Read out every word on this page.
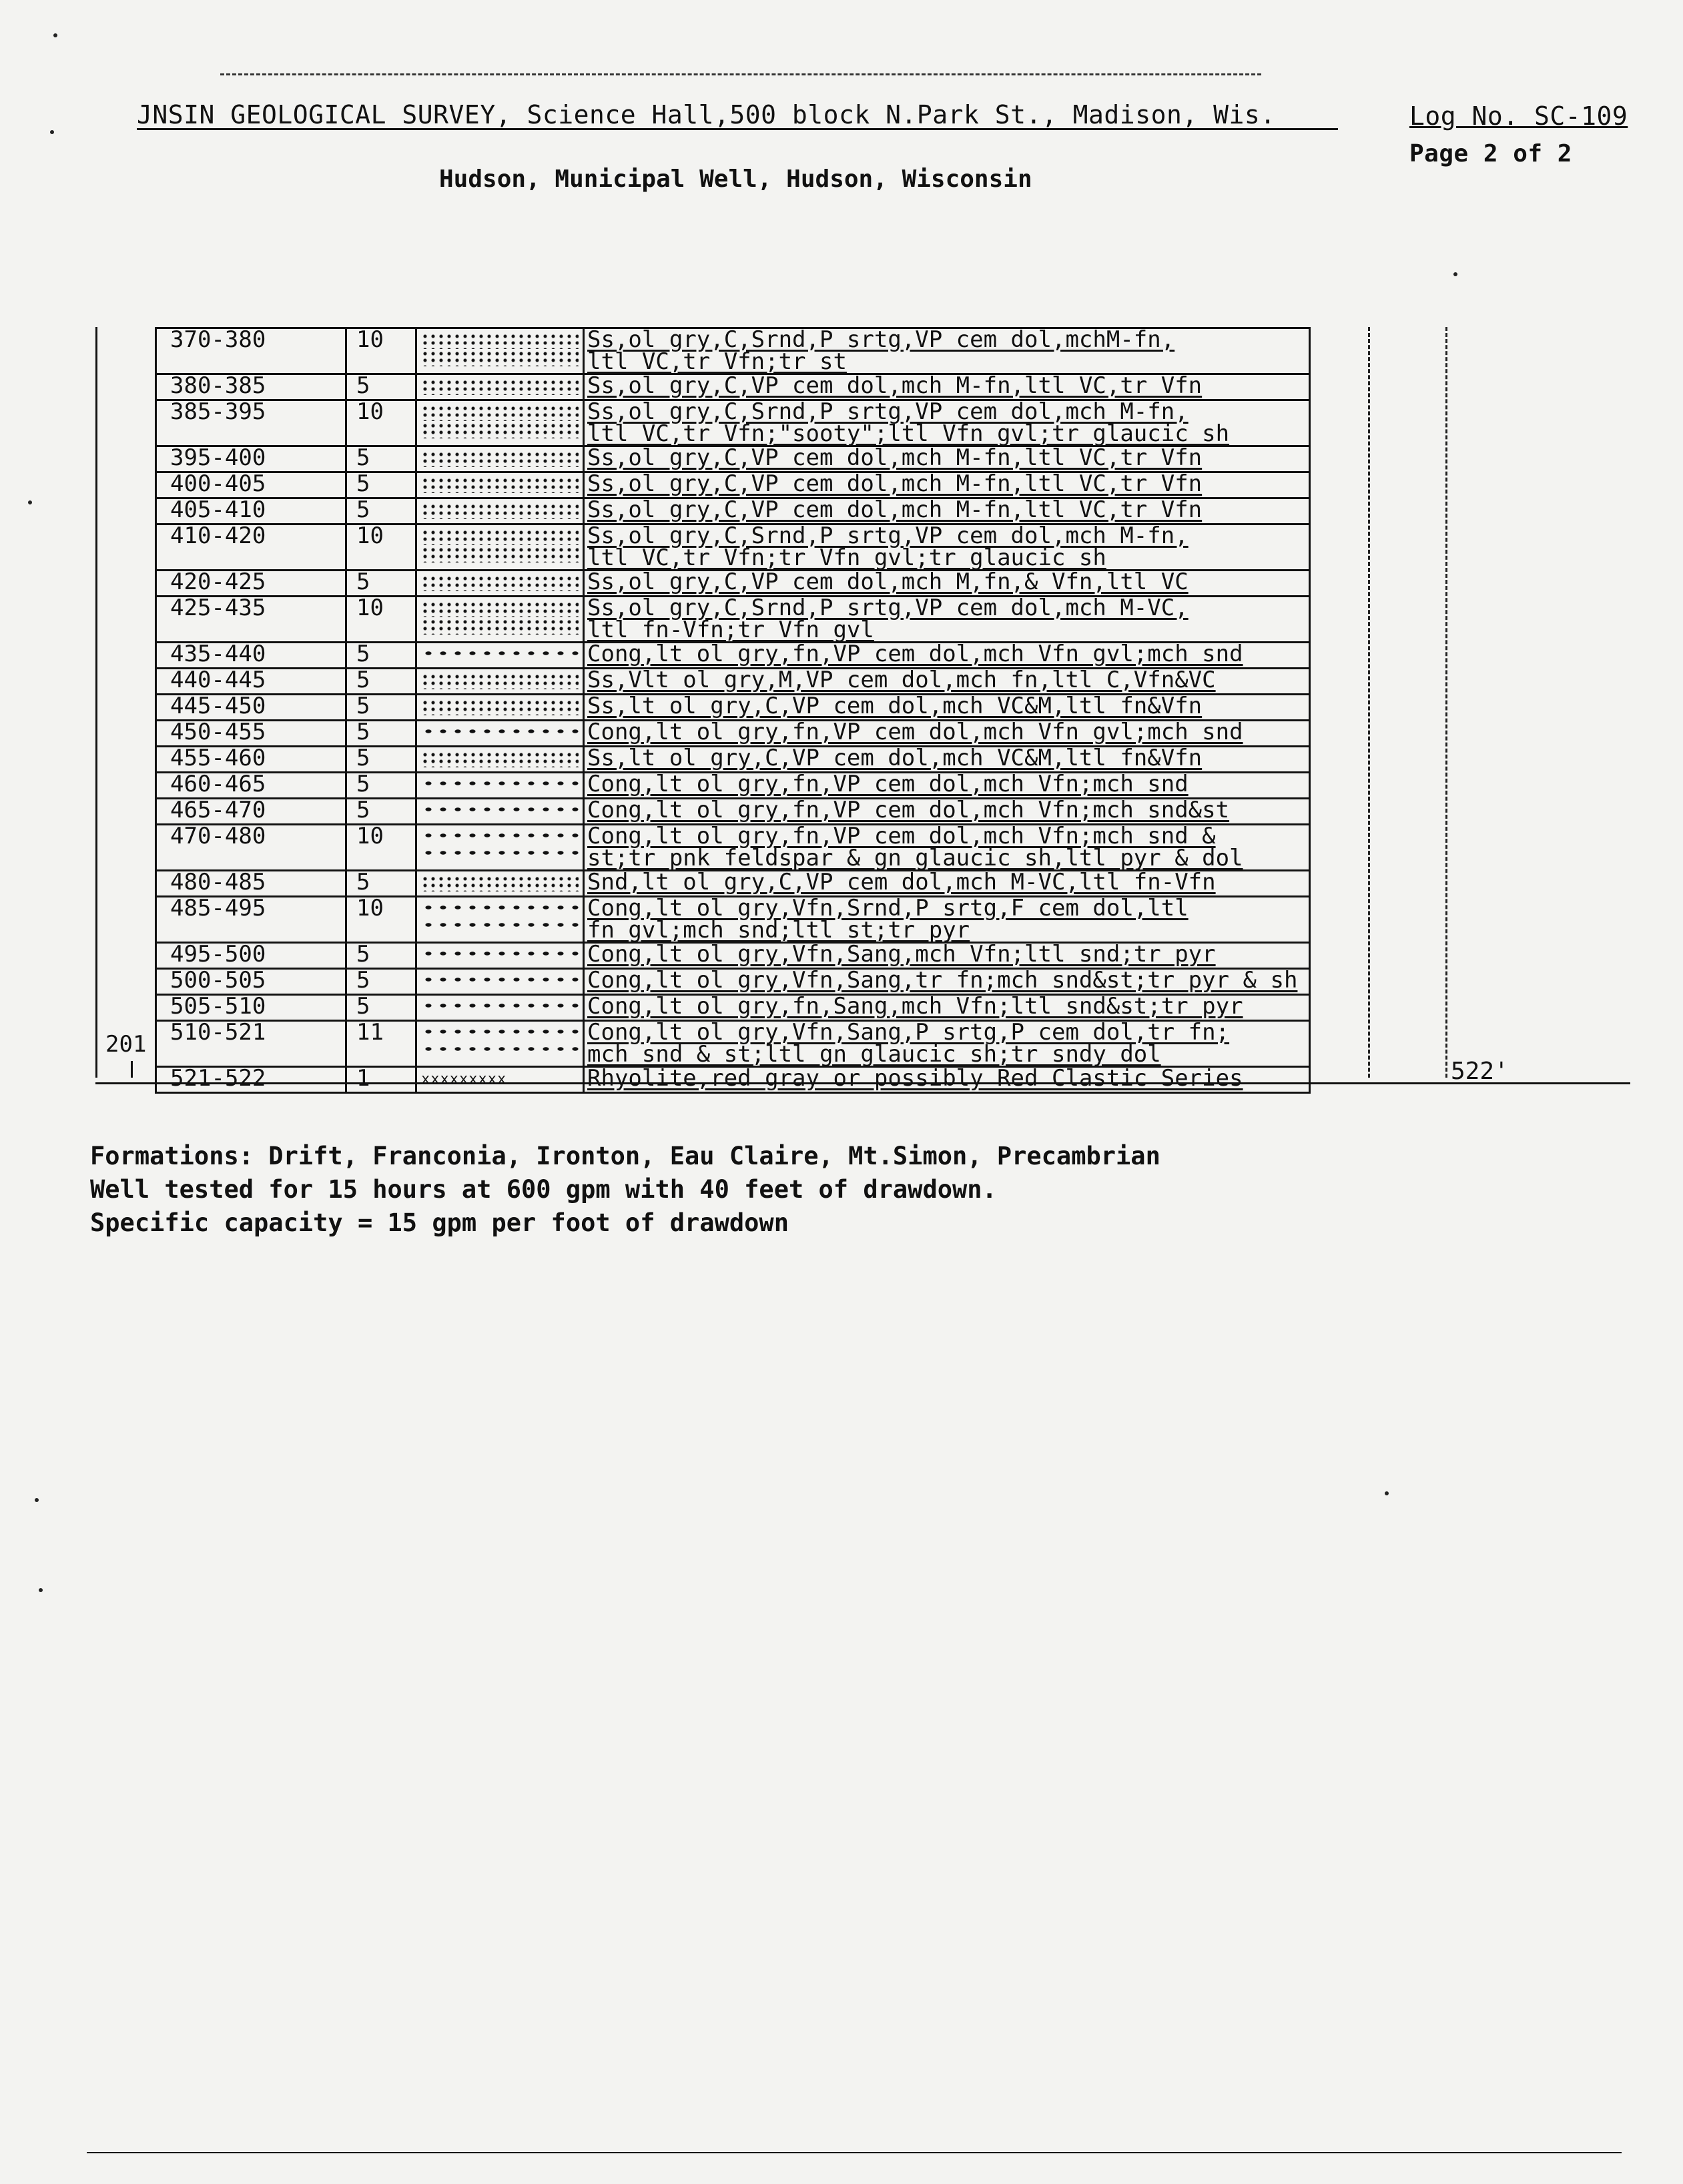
JNSIN GEOLOGICAL SURVEY, Science Hall,500 block N.Park St., Madison, Wis.	Log No. SC-109
Page 2 of 2
Hudson, Municipal Well, Hudson, Wisconsin
370-380	10		Ss,ol gry,C,Srnd,P srtg,VP cem dol,mchM-fn,
ltl VC,tr Vfn;tr st

380-385	5		Ss,ol gry,C,VP cem dol,mch M-fn,ltl VC,tr Vfn

385-395	10		Ss,ol gry,C,Srnd,P srtg,VP cem dol,mch M-fn,
ltl VC,tr Vfn;"sooty";ltl Vfn gvl;tr glaucic sh

395-400	5		Ss,ol gry,C,VP cem dol,mch M-fn,ltl VC,tr Vfn

400-405	5		Ss,ol gry,C,VP cem dol,mch M-fn,ltl VC,tr Vfn

405-410	5		Ss,ol gry,C,VP cem dol,mch M-fn,ltl VC,tr Vfn

410-420	10		Ss,ol gry,C,Srnd,P srtg,VP cem dol,mch M-fn,
ltl VC,tr Vfn;tr Vfn gvl;tr glaucic sh

420-425	5		Ss,ol gry,C,VP cem dol,mch M,fn,& Vfn,ltl VC

425-435	10		Ss,ol gry,C,Srnd,P srtg,VP cem dol,mch M-VC,
ltl fn-Vfn;tr Vfn gvl

435-440	5		Cong,lt ol gry,fn,VP cem dol,mch Vfn gvl;mch snd

440-445	5		Ss,Vlt ol gry,M,VP cem dol,mch fn,ltl C,Vfn&VC

445-450	5		Ss,lt ol gry,C,VP cem dol,mch VC&M,ltl fn&Vfn

450-455	5		Cong,lt ol gry,fn,VP cem dol,mch Vfn gvl;mch snd

455-460	5		Ss,lt ol gry,C,VP cem dol,mch VC&M,ltl fn&Vfn

460-465	5		Cong,lt ol gry,fn,VP cem dol,mch Vfn;mch snd

465-470	5		Cong,lt ol gry,fn,VP cem dol,mch Vfn;mch snd&st

470-480	10		Cong,lt ol gry,fn,VP cem dol,mch Vfn;mch snd &
st;tr pnk feldspar & gn glaucic sh,ltl pyr & dol

480-485	5		Snd,lt ol gry,C,VP cem dol,mch M-VC,ltl fn-Vfn

485-495	10		Cong,lt ol gry,Vfn,Srnd,P srtg,F cem dol,ltl
fn gvl;mch snd;ltl st;tr pyr

495-500	5		Cong,lt ol gry,Vfn,Sang,mch Vfn;ltl snd;tr pyr

500-505	5		Cong,lt ol gry,Vfn,Sang,tr fn;mch snd&st;tr pyr & sh

505-510	5		Cong,lt ol gry,fn,Sang,mch Vfn;ltl snd&st;tr pyr

510-521	11		Cong,lt ol gry,Vfn,Sang,P srtg,P cem dol,tr fn;
mch snd & st;ltl gn glaucic sh;tr sndy dol

521-522	1	xxxxxxxxx	Rhyolite,red gray or possibly Red Clastic Series
201
522'
Formations: Drift, Franconia, Ironton, Eau Claire, Mt.Simon, Precambrian
Well tested for 15 hours at 600 gpm with 40 feet of drawdown.
Specific capacity = 15 gpm per foot of drawdown
